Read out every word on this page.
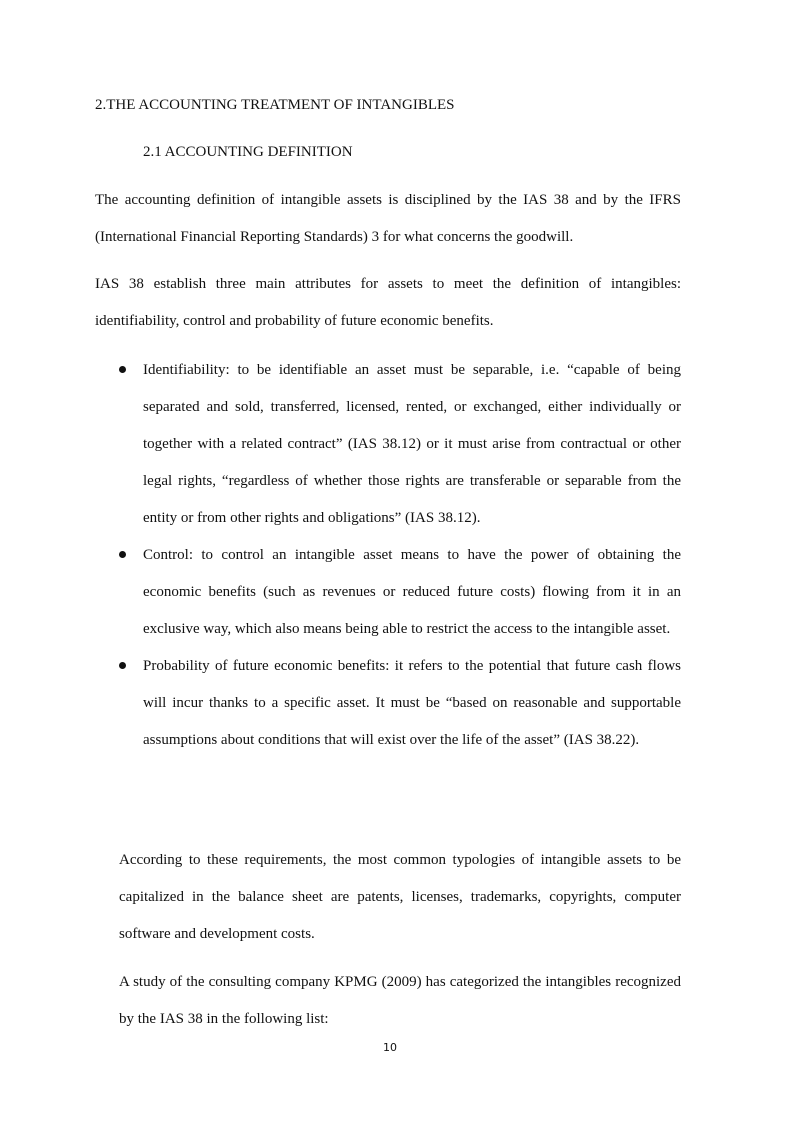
2.THE ACCOUNTING TREATMENT OF INTANGIBLES
2.1 ACCOUNTING DEFINITION

The accounting definition of intangible assets is disciplined by the IAS 38 and by the IFRS (International Financial Reporting Standards) 3 for what concerns the goodwill.

IAS 38 establish three main attributes for assets to meet the definition of intangibles: identifiability, control and probability of future economic benefits.

Identifiability: to be identifiable an asset must be separable, i.e. “capable of being separated and sold, transferred, licensed, rented, or exchanged, either individually or together with a related contract” (IAS 38.12) or it must arise from contractual or other legal rights, “regardless of whether those rights are transferable or separable from the entity or from other rights and obligations” (IAS 38.12).
Control: to control an intangible asset means to have the power of obtaining the economic benefits (such as revenues or reduced future costs) flowing from it in an exclusive way, which also means being able to restrict the access to the intangible asset.
Probability of future economic benefits: it refers to the potential that future cash flows will incur thanks to a specific asset. It must be “based on reasonable and supportable assumptions about conditions that will exist over the life of the asset” (IAS 38.22).

According to these requirements, the most common typologies of intangible assets to be capitalized in the balance sheet are patents, licenses, trademarks, copyrights, computer software and development costs.

A study of the consulting company KPMG (2009) has categorized the intangibles recognized by the IAS 38 in the following list:

10
